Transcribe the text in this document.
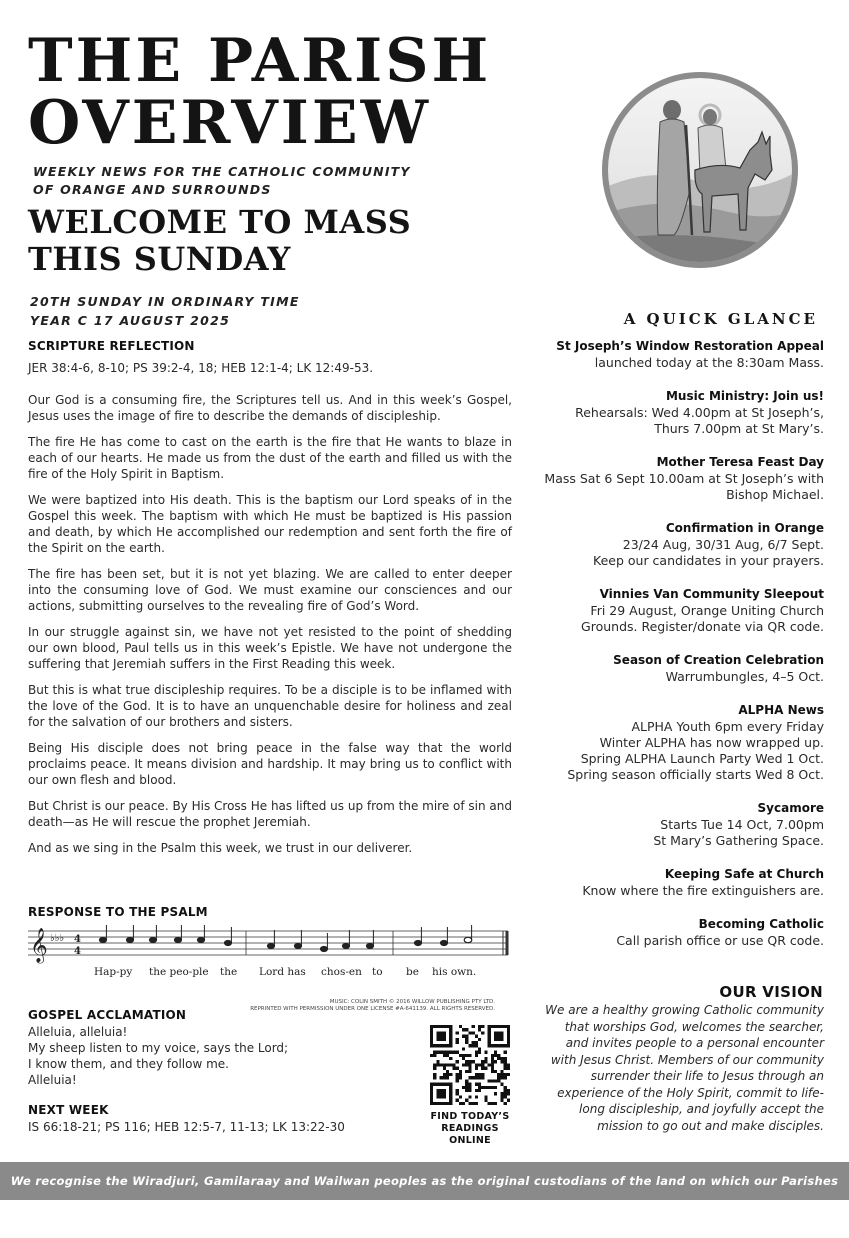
THE PARISH
OVERVIEW
WEEKLY NEWS FOR THE CATHOLIC COMMUNITY
OF ORANGE AND SURROUNDS
WELCOME TO MASS
THIS SUNDAY
20TH SUNDAY IN ORDINARY TIME
YEAR C 17 AUGUST 2025
SCRIPTURE REFLECTION
JER 38:4-6, 8-10; PS 39:2-4, 18; HEB 12:1-4; LK 12:49-53.

Our God is a consuming fire, the Scriptures tell us. And in this week’s Gospel, Jesus uses the image of fire to describe the demands of discipleship.

The fire He has come to cast on the earth is the fire that He wants to blaze in each of our hearts. He made us from the dust of the earth and filled us with the fire of the Holy Spirit in Baptism.

We were baptized into His death. This is the baptism our Lord speaks of in the Gospel this week. The baptism with which He must be baptized is His passion and death, by which He accomplished our redemption and sent forth the fire of the Spirit on the earth.

The fire has been set, but it is not yet blazing. We are called to enter deeper into the consuming love of God. We must examine our consciences and our actions, submitting ourselves to the revealing fire of God’s Word.

In our struggle against sin, we have not yet resisted to the point of shedding our own blood, Paul tells us in this week’s Epistle. We have not undergone the suffering that Jeremiah suffers in the First Reading this week.

But this is what true discipleship requires. To be a disciple is to be inflamed with the love of the God. It is to have an unquenchable desire for holiness and zeal for the salvation of our brothers and sisters.

Being His disciple does not bring peace in the false way that the world proclaims peace. It means division and hardship. It may bring us to conflict with our own flesh and blood.

But Christ is our peace. By His Cross He has lifted us up from the mire of sin and death—as He will rescue the prophet Jeremiah.

And as we sing in the Psalm this week, we trust in our deliverer.

A QUICK GLANCE
St Joseph’s Window Restoration Appeal
launched today at the 8:30am Mass.
Music Ministry: Join us!
Rehearsals: Wed 4.00pm at St Joseph’s,
Thurs 7.00pm at St Mary’s.
Mother Teresa Feast Day
Mass Sat 6 Sept 10.00am at St Joseph’s with
Bishop Michael.
Confirmation in Orange
23/24 Aug, 30/31 Aug, 6/7 Sept.
Keep our candidates in your prayers.
Vinnies Van Community Sleepout
Fri 29 August, Orange Uniting Church
Grounds. Register/donate via QR code.
Season of Creation Celebration
Warrumbungles, 4–5 Oct.
ALPHA News
ALPHA Youth 6pm every Friday
Winter ALPHA has now wrapped up.
Spring ALPHA Launch Party Wed 1 Oct.
Spring season officially starts Wed 8 Oct.
Sycamore
Starts Tue 14 Oct, 7.00pm
St Mary’s Gathering Space.
Keeping Safe at Church
Know where the fire extinguishers are.
Becoming Catholic
Call parish office or use QR code.
RESPONSE TO THE PSALM
𝄞 ♭♭♭ 4
4
Hap-py the peo-ple the Lord has chos-en to be his own.
MUSIC: COLIN SMITH © 2016 WILLOW PUBLISHING PTY LTD.
REPRINTED WITH PERMISSION UNDER ONE LICENSE #A-641139. ALL RIGHTS RESERVED.
GOSPEL ACCLAMATION
Alleluia, alleluia!
My sheep listen to my voice, says the Lord;
I know them, and they follow me.
Alleluia!
NEXT WEEK
IS 66:18-21; PS 116; HEB 12:5-7, 11-13; LK 13:22-30
FIND TODAY’S
READINGS
ONLINE
OUR VISION
We are a healthy growing Catholic community that worships God, welcomes the searcher, and invites people to a personal encounter with Jesus Christ. Members of our community surrender their life to Jesus through an experience of the Holy Spirit, commit to life-long discipleship, and joyfully accept the mission to go out and make disciples.
We recognise the Wiradjuri, Gamilaraay and Wailwan peoples as the original custodians of the land on which our Parishes stand.
